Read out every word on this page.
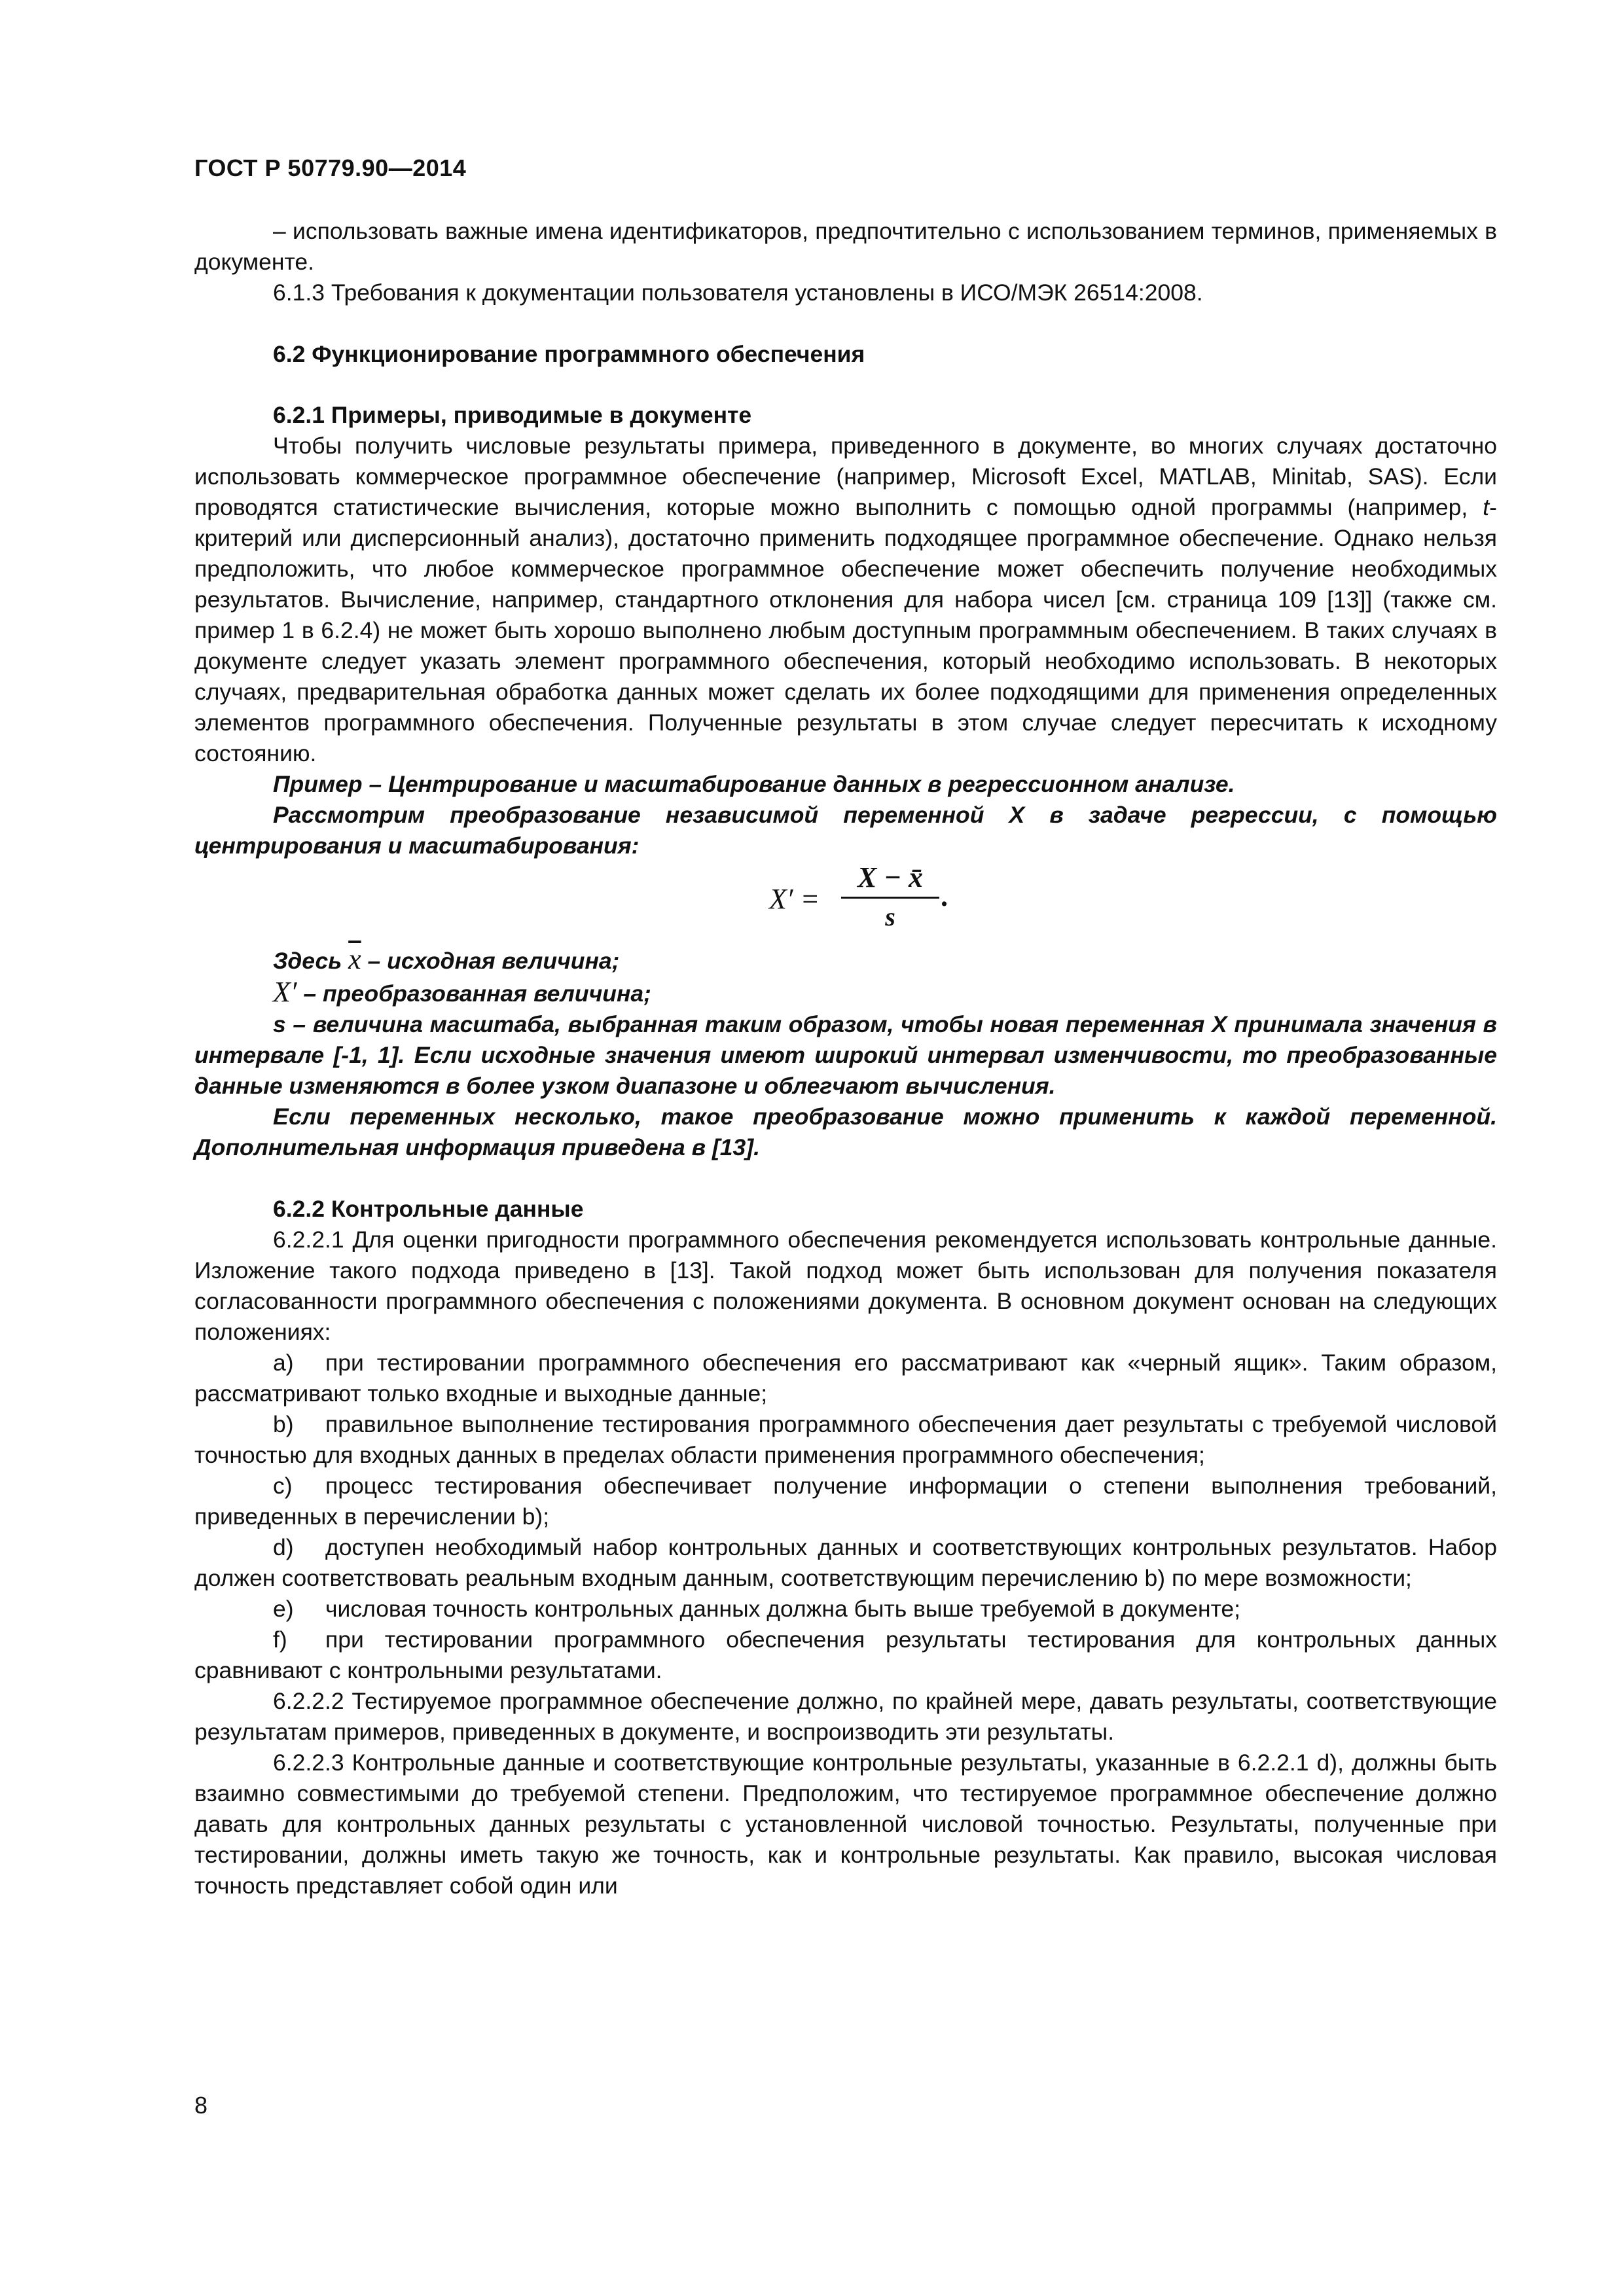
ГОСТ Р 50779.90—2014

– использовать важные имена идентификаторов, предпочтительно с использованием терминов, применяемых в документе.

6.1.3 Требования к документации пользователя установлены в ИСО/МЭК 26514:2008.

6.2 Функционирование программного обеспечения

6.2.1 Примеры, приводимые в документе

Чтобы получить числовые результаты примера, приведенного в документе, во многих случаях достаточно использовать коммерческое программное обеспечение (например, Microsoft Excel, MATLAB, Minitab, SAS). Если проводятся статистические вычисления, которые можно выполнить с помощью одной программы (например, t-критерий или дисперсионный анализ), достаточно применить подходящее программное обеспечение. Однако нельзя предположить, что любое коммерческое программное обеспечение может обеспечить получение необходимых результатов. Вычисление, например, стандартного отклонения для набора чисел [см. страница 109 [13]] (также см. пример 1 в 6.2.4) не может быть хорошо выполнено любым доступным программным обеспечением. В таких случаях в документе следует указать элемент программного обеспечения, который необходимо использовать. В некоторых случаях, предварительная обработка данных может сделать их более подходящими для применения определенных элементов программного обеспечения. Полученные результаты в этом случае следует пересчитать к исходному состоянию.

Пример – Центрирование и масштабирование данных в регрессионном анализе.

Рассмотрим преобразование независимой переменной X в задаче регрессии, с помощью центрирования и масштабирования:

X′ =
X − x̄
s
.

Здесь $\overline{x}$ – исходная величина;

X′ – преобразованная величина;

s – величина масштаба, выбранная таким образом, чтобы новая переменная X принимала значения в интервале [-1, 1]. Если исходные значения имеют широкий интервал изменчивости, то преобразованные данные изменяются в более узком диапазоне и облегчают вычисления.

Если переменных несколько, такое преобразование можно применить к каждой переменной. Дополнительная информация приведена в [13].

6.2.2 Контрольные данные

6.2.2.1 Для оценки пригодности программного обеспечения рекомендуется использовать контрольные данные. Изложение такого подхода приведено в [13]. Такой подход может быть использован для получения показателя согласованности программного обеспечения с положениями документа. В основном документ основан на следующих положениях:

a) при тестировании программного обеспечения его рассматривают как «черный ящик». Таким образом, рассматривают только входные и выходные данные;

b) правильное выполнение тестирования программного обеспечения дает результаты с требуемой числовой точностью для входных данных в пределах области применения программного обеспечения;

c) процесс тестирования обеспечивает получение информации о степени выполнения требований, приведенных в перечислении b);

d) доступен необходимый набор контрольных данных и соответствующих контрольных результатов. Набор должен соответствовать реальным входным данным, соответствующим перечислению b) по мере возможности;

e) числовая точность контрольных данных должна быть выше требуемой в документе;

f) при тестировании программного обеспечения результаты тестирования для контрольных данных сравнивают с контрольными результатами.

6.2.2.2 Тестируемое программное обеспечение должно, по крайней мере, давать результаты, соответствующие результатам примеров, приведенных в документе, и воспроизводить эти результаты.

6.2.2.3 Контрольные данные и соответствующие контрольные результаты, указанные в 6.2.2.1 d), должны быть взаимно совместимыми до требуемой степени. Предположим, что тестируемое программное обеспечение должно давать для контрольных данных результаты с установленной числовой точностью. Результаты, полученные при тестировании, должны иметь такую же точность, как и контрольные результаты. Как правило, высокая числовая точность представляет собой один или

8
